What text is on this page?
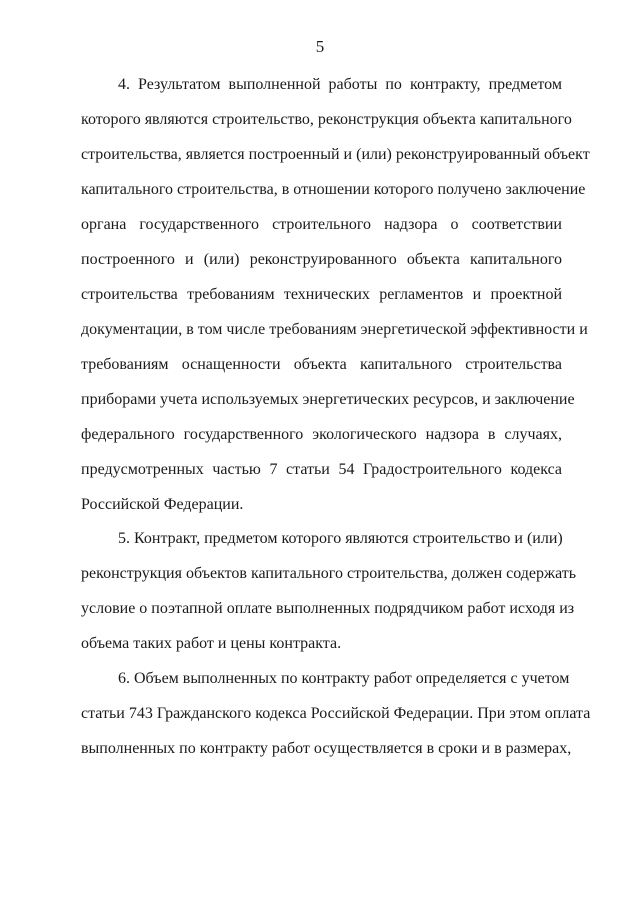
5
4. Результатом выполненной работы по контракту, предметом
которого являются строительство, реконструкция объекта капитального
строительства, является построенный и (или) реконструированный объект
капитального строительства, в отношении которого получено заключение
органа государственного строительного надзора о соответствии
построенного и (или) реконструированного объекта капитального
строительства требованиям технических регламентов и проектной
документации, в том числе требованиям энергетической эффективности и
требованиям оснащенности объекта капитального строительства
приборами учета используемых энергетических ресурсов, и заключение
федерального государственного экологического надзора в случаях,
предусмотренных частью 7 статьи 54 Градостроительного кодекса
Российской Федерации.
5. Контракт, предметом которого являются строительство и (или)
реконструкция объектов капитального строительства, должен содержать
условие о поэтапной оплате выполненных подрядчиком работ исходя из
объема таких работ и цены контракта.
6. Объем выполненных по контракту работ определяется с учетом
статьи 743 Гражданского кодекса Российской Федерации. При этом оплата
выполненных по контракту работ осуществляется в сроки и в размерах,
